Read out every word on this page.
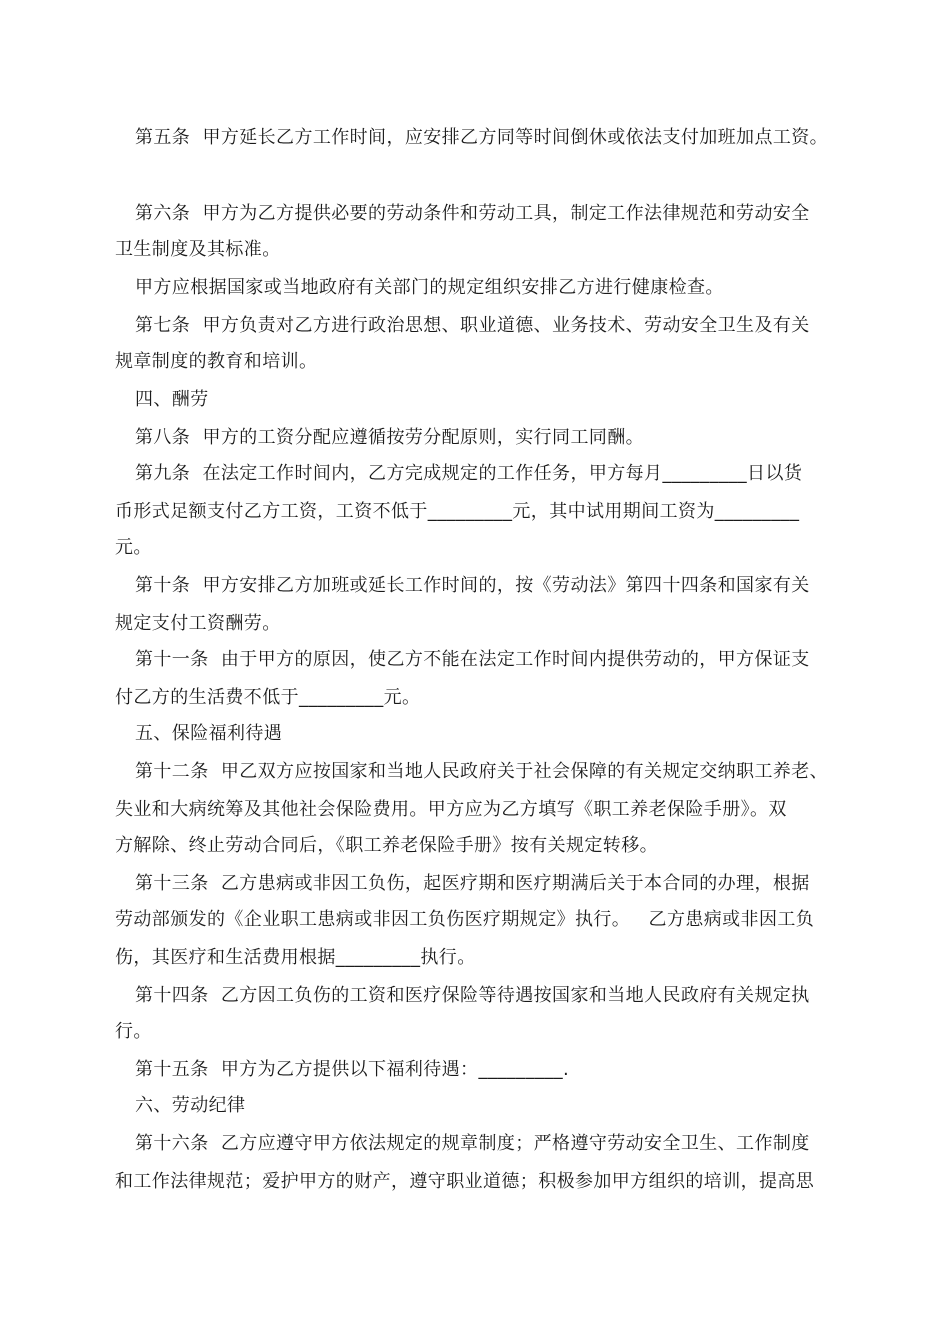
第五条  甲方延长乙方工作时间，应安排乙方同等时间倒休或依法支付加班加点工资。
第六条  甲方为乙方提供必要的劳动条件和劳动工具，制定工作法律规范和劳动安全
卫生制度及其标准。
甲方应根据国家或当地政府有关部门的规定组织安排乙方进行健康检查。
第七条  甲方负责对乙方进行政治思想、职业道德、业务技术、劳动安全卫生及有关
规章制度的教育和培训。
四、酬劳
第八条  甲方的工资分配应遵循按劳分配原则，实行同工同酬。
第九条  在法定工作时间内，乙方完成规定的工作任务，甲方每月_________日以货
币形式足额支付乙方工资，工资不低于_________元，其中试用期间工资为_________
元。
第十条  甲方安排乙方加班或延长工作时间的，按《劳动法》第四十四条和国家有关
规定支付工资酬劳。
第十一条  由于甲方的原因，使乙方不能在法定工作时间内提供劳动的，甲方保证支
付乙方的生活费不低于_________元。
五、保险福利待遇
第十二条  甲乙双方应按国家和当地人民政府关于社会保障的有关规定交纳职工养老、
失业和大病统筹及其他社会保险费用。甲方应为乙方填写《职工养老保险手册》。双
方解除、终止劳动合同后，《职工养老保险手册》按有关规定转移。
第十三条  乙方患病或非因工负伤，起医疗期和医疗期满后关于本合同的办理，根据
劳动部颁发的《企业职工患病或非因工负伤医疗期规定》执行。   乙方患病或非因工负
伤，其医疗和生活费用根据_________执行。
第十四条  乙方因工负伤的工资和医疗保险等待遇按国家和当地人民政府有关规定执
行。
第十五条  甲方为乙方提供以下福利待遇：_________.
六、劳动纪律
第十六条  乙方应遵守甲方依法规定的规章制度；严格遵守劳动安全卫生、工作制度
和工作法律规范；爱护甲方的财产，遵守职业道德；积极参加甲方组织的培训，提高思
